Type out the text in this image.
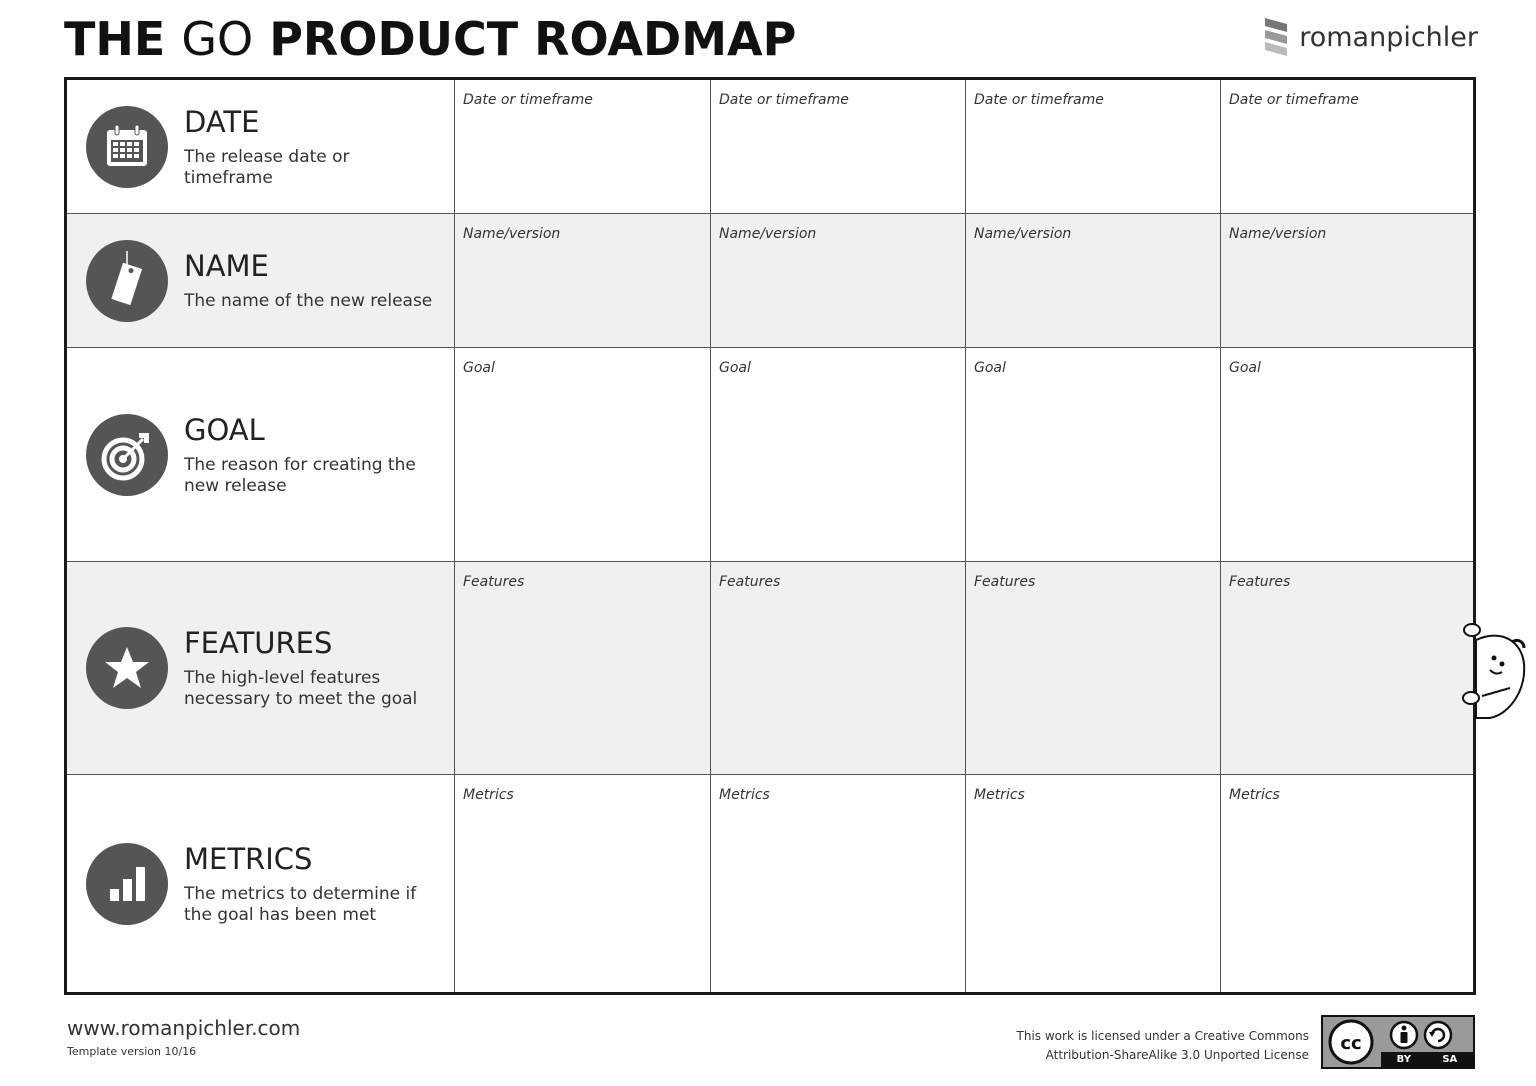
THE GO PRODUCT ROADMAP	romanpichler
DATE
The release date or timeframe
Date or timeframe	Date or timeframe	Date or timeframe	Date or timeframe
NAME
The name of the new release
Name/version	Name/version	Name/version	Name/version
GOAL
The reason for creating the new release
Goal	Goal	Goal	Goal
FEATURES
The high-level features necessary to meet the goal
Features	Features	Features	Features
METRICS
The metrics to determine if the goal has been met
Metrics	Metrics	Metrics	Metrics
www.romanpichler.com
Template version 10/16
This work is licensed under a Creative Commons
Attribution-ShareAlike 3.0 Unported License
cc
BY	SA
